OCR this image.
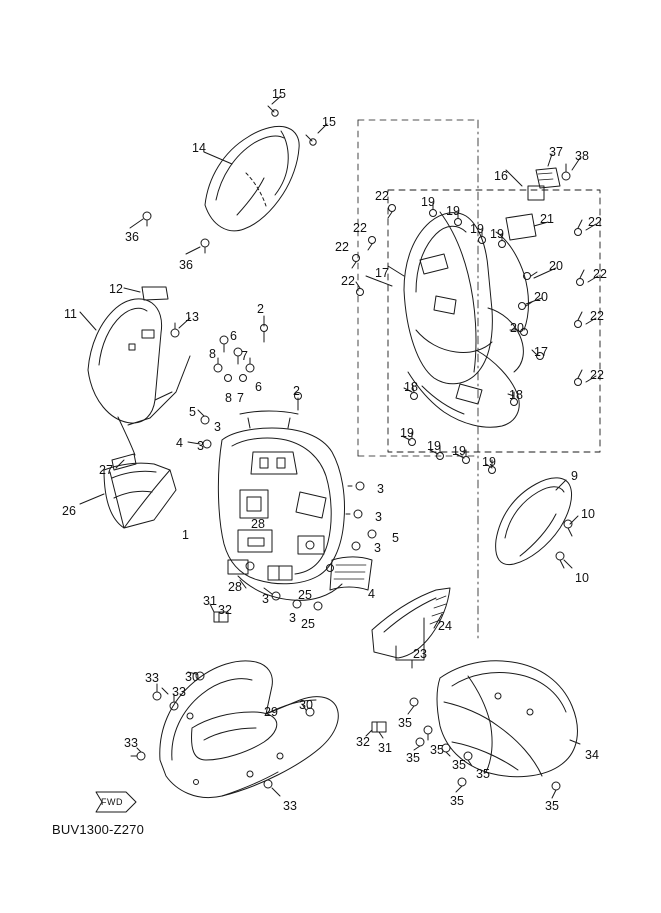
FWD
BUV1300-Z270
15
15
14	37 38
16
36
36
22	19
19
21	22
22	19 19
22
20
17
12
22
20
22
11	13
2
6
20
22
8 7	17
6
22
8 7	2	18
18
5
3	19
4 3	19 19
19
9
27
26
3
10
3
5
1
28
3
10
4
28
3 25
31
32
3 25	24
23
30
33
33
30
29
33	32 31
35
35
35	35
35
34
35	35
33
